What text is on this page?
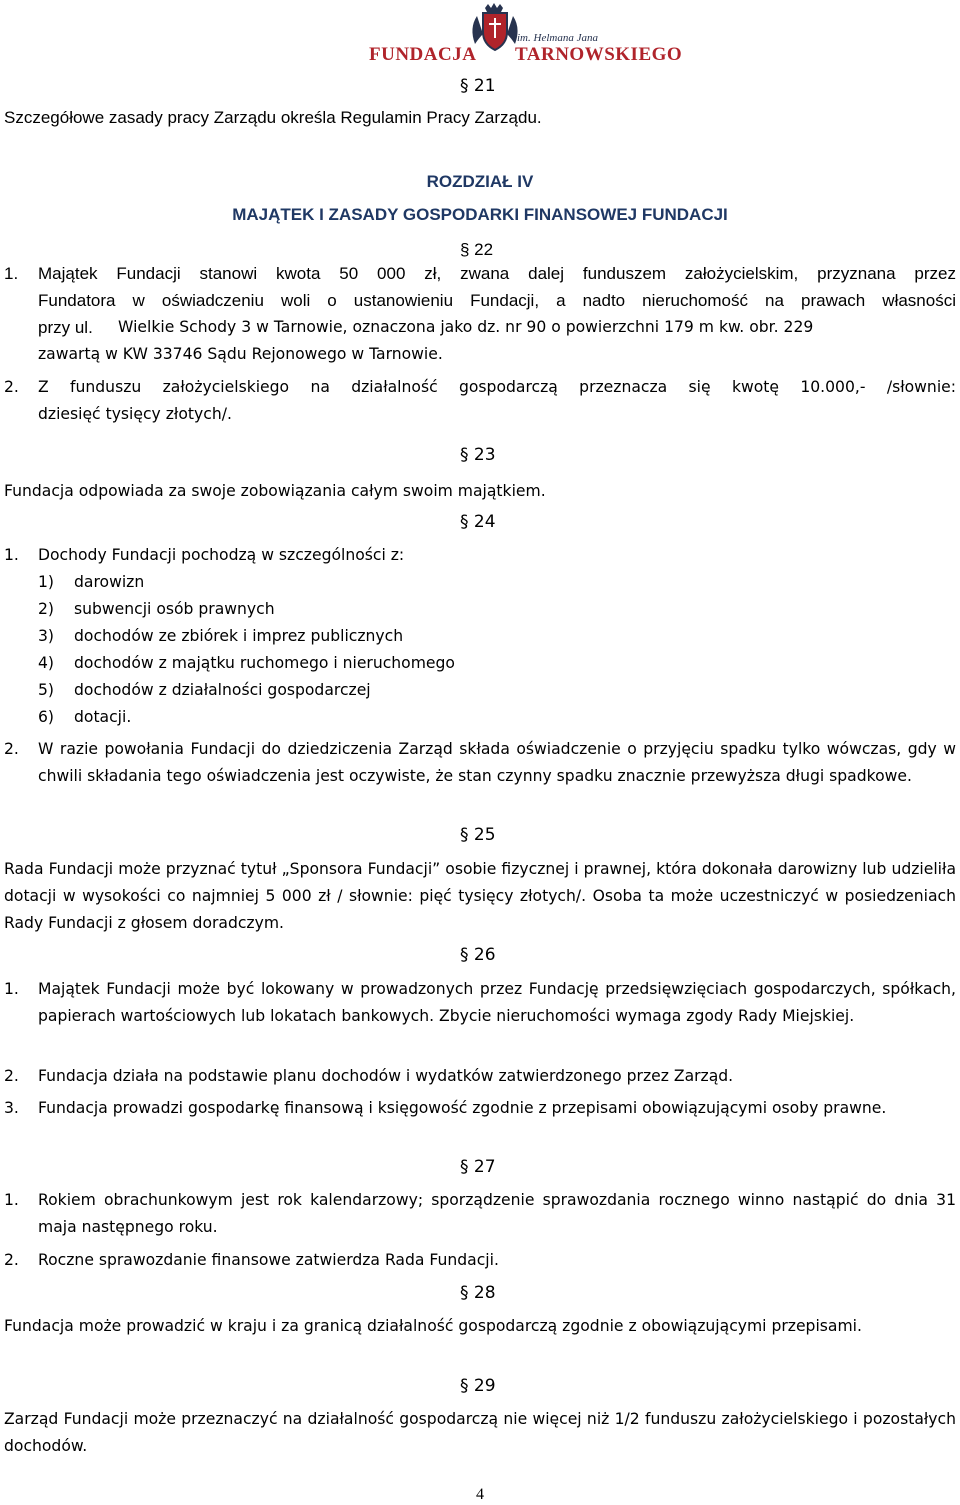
FUNDACJA
im. Helmana Jana
TARNOWSKIEGO
§ 21
Szczegółowe zasady pracy Zarządu określa Regulamin Pracy Zarządu.
ROZDZIAŁ IV
MAJĄTEK I ZASADY GOSPODARKI FINANSOWEJ FUNDACJI
§ 22
1. Majątek Fundacji stanowi kwota 50 000 zł, zwana dalej funduszem założycielskim, przyznana przez
Fundatora w oświadczeniu woli o ustanowieniu Fundacji, a nadto nieruchomość na prawach własności
przy ul. Wielkie Schody 3 w Tarnowie, oznaczona jako dz. nr 90 o powierzchni 179 m kw. obr. 229
zawartą w KW 33746 Sądu Rejonowego w Tarnowie.
2. Z funduszu założycielskiego na działalność gospodarczą przeznacza się kwotę 10.000,- /słownie:
dziesięć tysięcy złotych/.
§ 23
Fundacja odpowiada za swoje zobowiązania całym swoim majątkiem.
§ 24
1. Dochody Fundacji pochodzą w szczególności z:
1) darowizn
2) subwencji osób prawnych
3) dochodów ze zbiórek i imprez publicznych
4) dochodów z majątku ruchomego i nieruchomego
5) dochodów z działalności gospodarczej
6) dotacji.
2. W razie powołania Fundacji do dziedziczenia Zarząd składa oświadczenie o przyjęciu spadku tylko wówczas, gdy w chwili składania tego oświadczenia jest oczywiste, że stan czynny spadku znacznie przewyższa długi spadkowe.
§ 25
Rada Fundacji może przyznać tytuł „Sponsora Fundacji” osobie fizycznej i prawnej, która dokonała darowizny lub udzieliła dotacji w wysokości co najmniej 5 000 zł / słownie: pięć tysięcy złotych/. Osoba ta może uczestniczyć w posiedzeniach Rady Fundacji z głosem doradczym.
§ 26
1. Majątek Fundacji może być lokowany w prowadzonych przez Fundację przedsięwzięciach gospodarczych, spółkach, papierach wartościowych lub lokatach bankowych. Zbycie nieruchomości wymaga zgody Rady Miejskiej.
2. Fundacja działa na podstawie planu dochodów i wydatków zatwierdzonego przez Zarząd.
3. Fundacja prowadzi gospodarkę finansową i księgowość zgodnie z przepisami obowiązującymi osoby prawne.
§ 27
1. Rokiem obrachunkowym jest rok kalendarzowy; sporządzenie sprawozdania rocznego winno nastąpić do dnia 31 maja następnego roku.
2. Roczne sprawozdanie finansowe zatwierdza Rada Fundacji.
§ 28
Fundacja może prowadzić w kraju i za granicą działalność gospodarczą zgodnie z obowiązującymi przepisami.
§ 29
Zarząd Fundacji może przeznaczyć na działalność gospodarczą nie więcej niż 1/2 funduszu założycielskiego i pozostałych dochodów.
4
